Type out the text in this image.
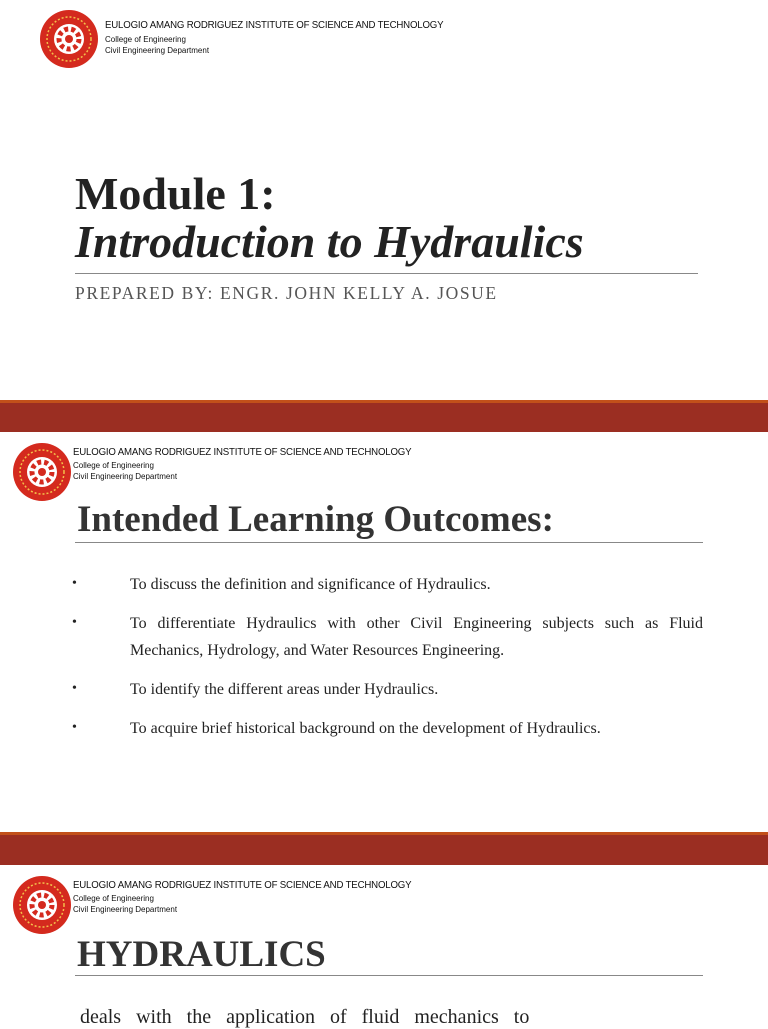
EULOGIO AMANG RODRIGUEZ INSTITUTE OF SCIENCE AND TECHNOLOGY
College of Engineering
Civil Engineering Department
Module 1:
Introduction to Hydraulics
PREPARED BY: ENGR. JOHN KELLY A. JOSUE
EULOGIO AMANG RODRIGUEZ INSTITUTE OF SCIENCE AND TECHNOLOGY
College of Engineering
Civil Engineering Department
Intended Learning Outcomes:
•	To discuss the definition and significance of Hydraulics.
•	To differentiate Hydraulics with other Civil Engineering subjects such as Fluid Mechanics, Hydrology, and Water Resources Engineering.
•	To identify the different areas under Hydraulics.
•	To acquire brief historical background on the development of Hydraulics.
EULOGIO AMANG RODRIGUEZ INSTITUTE OF SCIENCE AND TECHNOLOGY
College of Engineering
Civil Engineering Department
HYDRAULICS
deals with the application of fluid mechanics to
